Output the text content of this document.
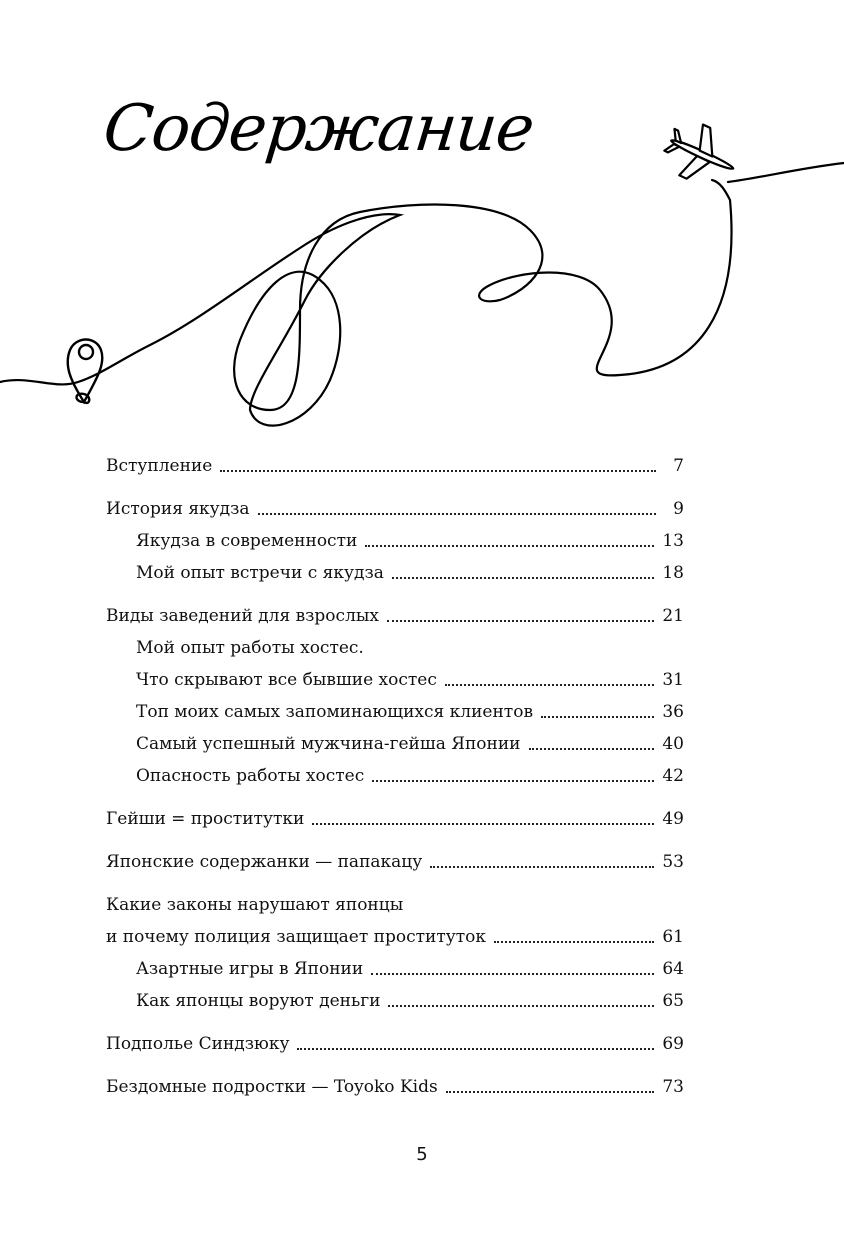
Содержание
Вступление	7
История якудза	9
Якудза в современности	13
Мой опыт встречи с якудза	18
Виды заведений для взрослых	21
Мой опыт работы хостес.
Что скрывают все бывшие хостес	31
Топ моих самых запоминающихся клиентов	36
Самый успешный мужчина-гейша Японии	40
Опасность работы хостес	42
Гейши = проститутки	49
Японские содержанки — папакацу	53
Какие законы нарушают японцы
и почему полиция защищает проституток	61
Азартные игры в Японии	64
Как японцы воруют деньги	65
Подполье Синдзюку	69
Бездомные подростки — Toyoko Kids	73

5
